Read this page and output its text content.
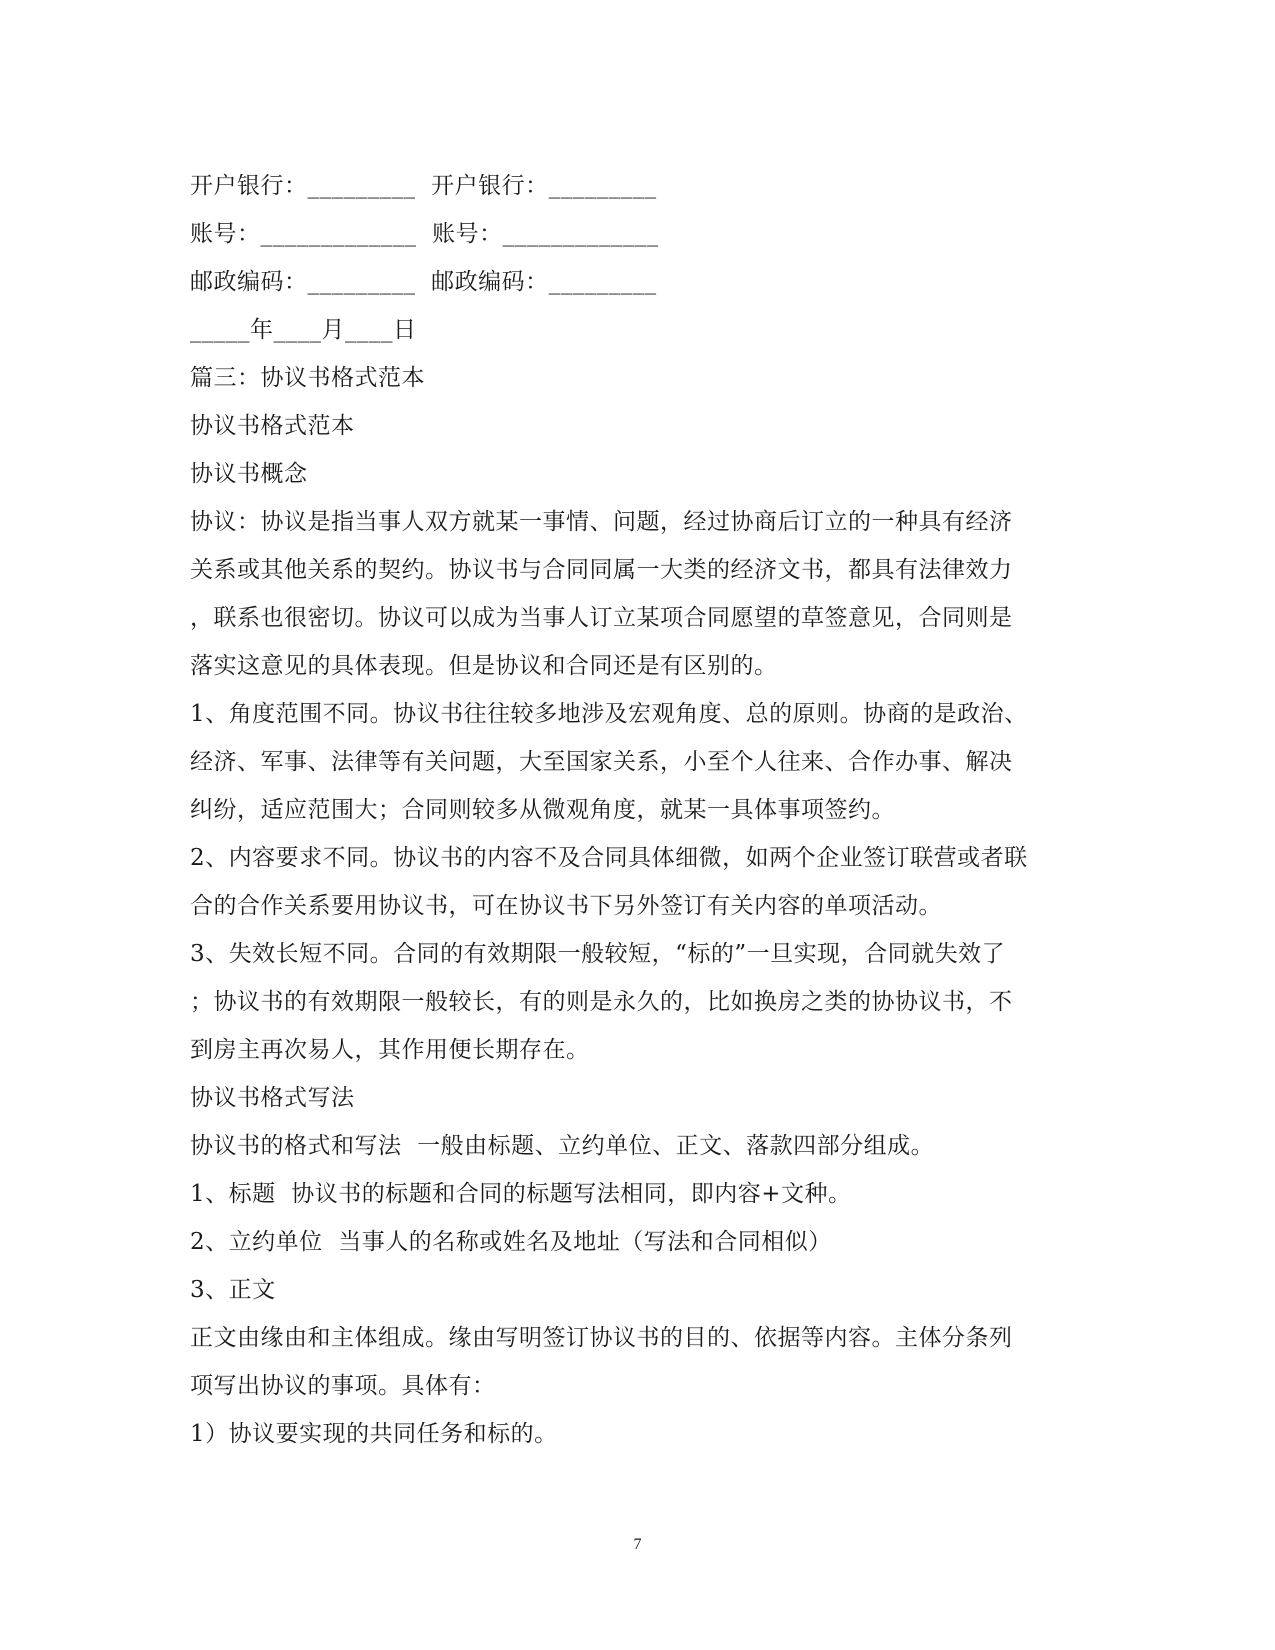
开户银行：_________  开户银行：_________
账号：_____________  账号：_____________
邮政编码：_________  邮政编码：_________
_____年____月____日
篇三：协议书格式范本
协议书格式范本
协议书概念
协议：协议是指当事人双方就某一事情、问题，经过协商后订立的一种具有经济
关系或其他关系的契约。协议书与合同同属一大类的经济文书，都具有法律效力
，联系也很密切。协议可以成为当事人订立某项合同愿望的草签意见，合同则是
落实这意见的具体表现。但是协议和合同还是有区别的。
1、角度范围不同。协议书往往较多地涉及宏观角度、总的原则。协商的是政治、
经济、军事、法律等有关问题，大至国家关系，小至个人往来、合作办事、解决
纠纷，适应范围大；合同则较多从微观角度，就某一具体事项签约。
2、内容要求不同。协议书的内容不及合同具体细微，如两个企业签订联营或者联
合的合作关系要用协议书，可在协议书下另外签订有关内容的单项活动。
3、失效长短不同。合同的有效期限一般较短，“标的”一旦实现，合同就失效了
；协议书的有效期限一般较长，有的则是永久的，比如换房之类的协协议书，不
到房主再次易人，其作用便长期存在。
协议书格式写法
协议书的格式和写法  一般由标题、立约单位、正文、落款四部分组成。
1、标题  协议书的标题和合同的标题写法相同，即内容+文种。
2、立约单位  当事人的名称或姓名及地址（写法和合同相似）
3、正文
正文由缘由和主体组成。缘由写明签订协议书的目的、依据等内容。主体分条列
项写出协议的事项。具体有：
1）协议要实现的共同任务和标的。
7
